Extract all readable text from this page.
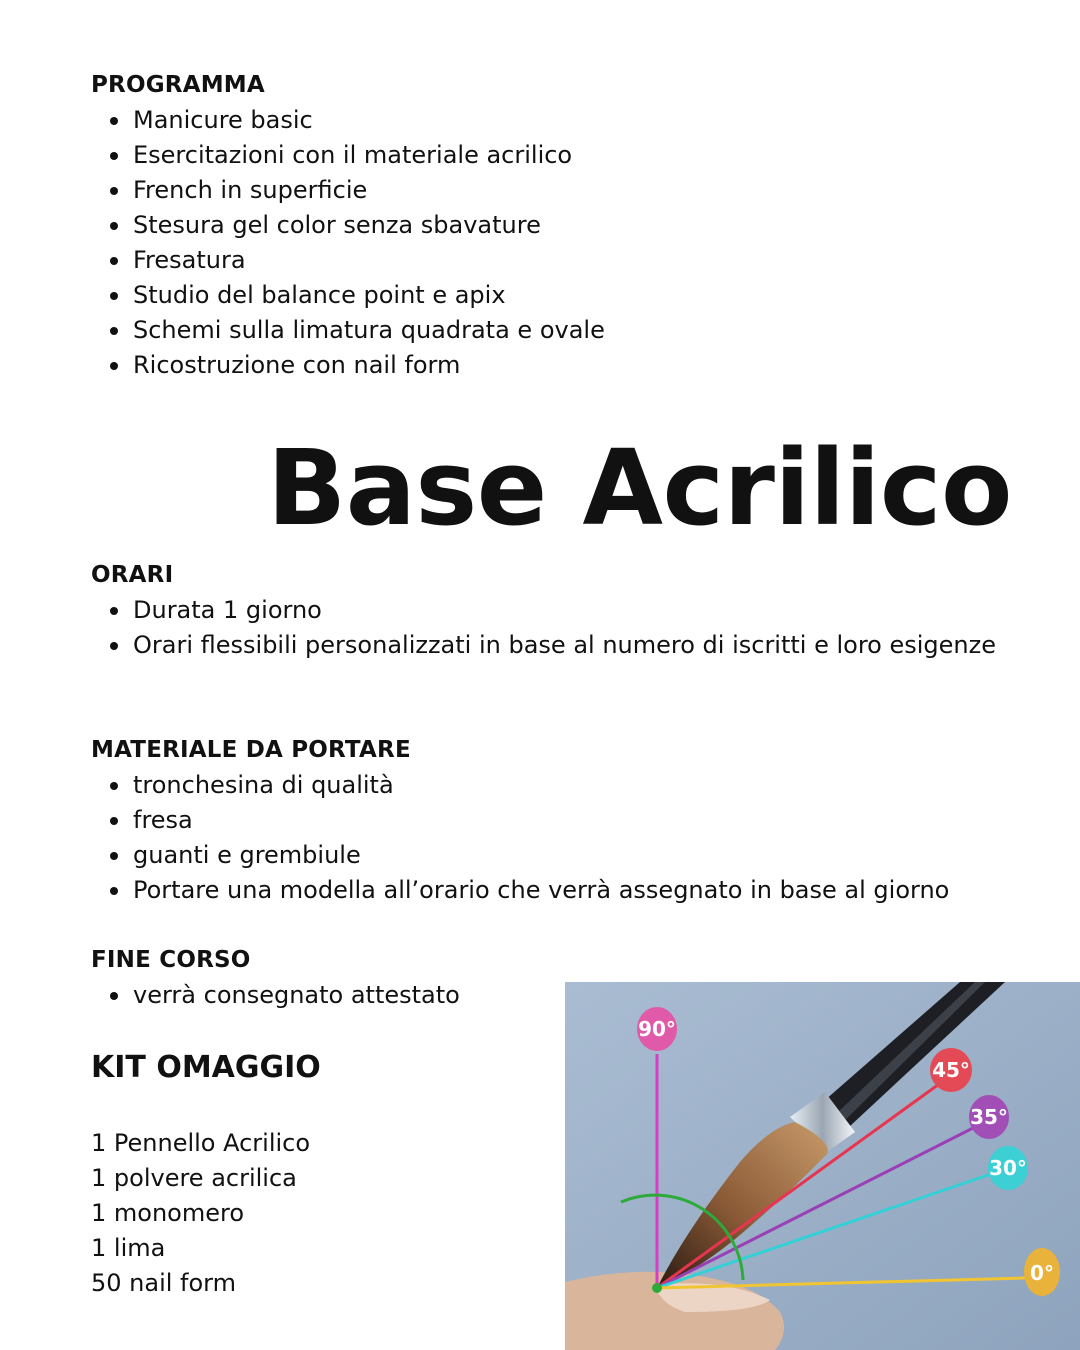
PROGRAMMA
Manicure basic
Esercitazioni con il materiale acrilico
French in superficie
Stesura gel color senza sbavature
Fresatura
Studio del balance point e apix
Schemi sulla limatura quadrata e ovale
Ricostruzione con nail form
Base Acrilico
ORARI
Durata 1 giorno
Orari flessibili personalizzati in base al numero di iscritti e loro esigenze
MATERIALE DA PORTARE
tronchesina di qualità
fresa
guanti e grembiule
Portare una modella all’orario che verrà assegnato in base al giorno
FINE CORSO
verrà consegnato attestato
KIT OMAGGIO
1 Pennello Acrilico
1 polvere acrilica
1 monomero
1 lima
50 nail form
90°
45°
35°
30°
0°
